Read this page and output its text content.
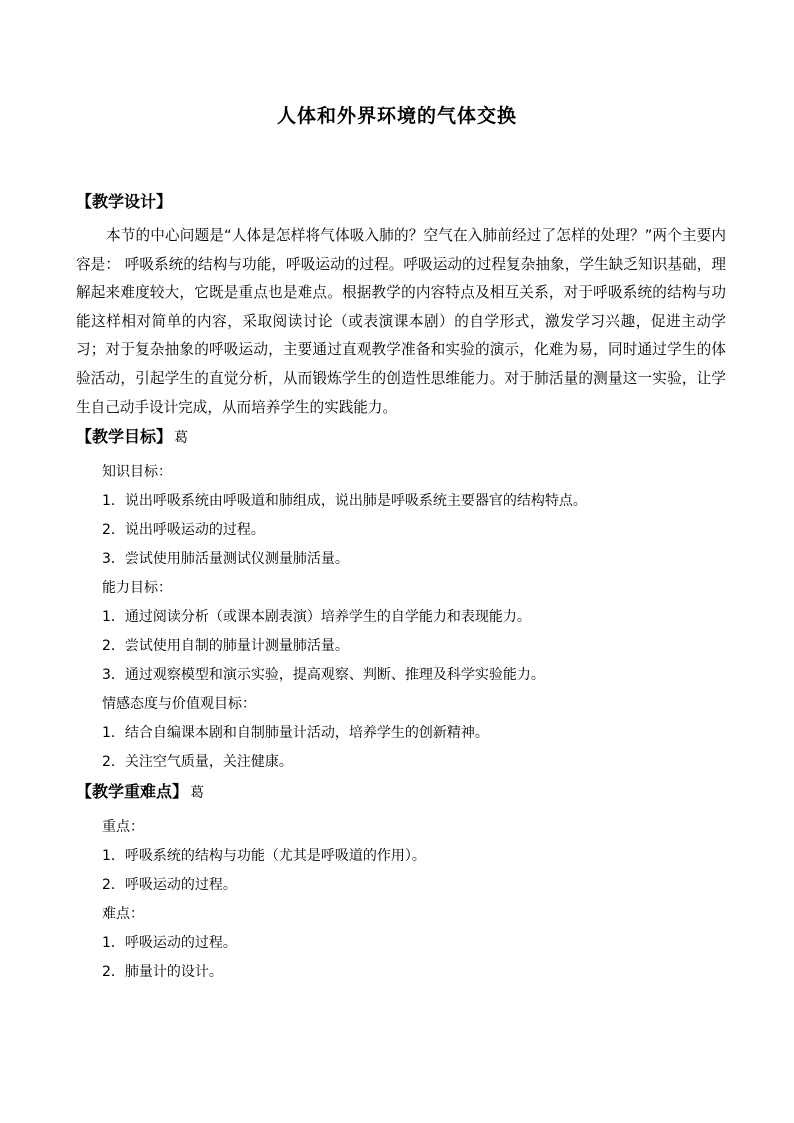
人体和外界环境的气体交换
【教学设计】

本节的中心问题是“人体是怎样将气体吸入肺的？空气在入肺前经过了怎样的处理？”两个主要内容是： 呼吸系统的结构与功能，呼吸运动的过程。呼吸运动的过程复杂抽象，学生缺乏知识基础，理解起来难度较大，它既是重点也是难点。根据教学的内容特点及相互关系，对于呼吸系统的结构与功能这样相对简单的内容，采取阅读讨论（或表演课本剧）的自学形式，激发学习兴趣，促进主动学习；对于复杂抽象的呼吸运动，主要通过直观教学准备和实验的演示，化难为易，同时通过学生的体验活动，引起学生的直觉分析，从而锻炼学生的创造性思维能力。对于肺活量的测量这一实验，让学生自己动手设计完成，从而培养学生的实践能力。

【教学目标】 葛
知识目标：
1．说出呼吸系统由呼吸道和肺组成，说出肺是呼吸系统主要器官的结构特点。
2．说出呼吸运动的过程。
3．尝试使用肺活量测试仪测量肺活量。
能力目标：
1．通过阅读分析（或课本剧表演）培养学生的自学能力和表现能力。
2．尝试使用自制的肺量计测量肺活量。
3．通过观察模型和演示实验，提高观察、判断、推理及科学实验能力。
情感态度与价值观目标：
1．结合自编课本剧和自制肺量计活动，培养学生的创新精神。
2．关注空气质量，关注健康。
【教学重难点】 葛
重点：
1．呼吸系统的结构与功能（尤其是呼吸道的作用）。
2．呼吸运动的过程。
难点：
1．呼吸运动的过程。
2．肺量计的设计。
